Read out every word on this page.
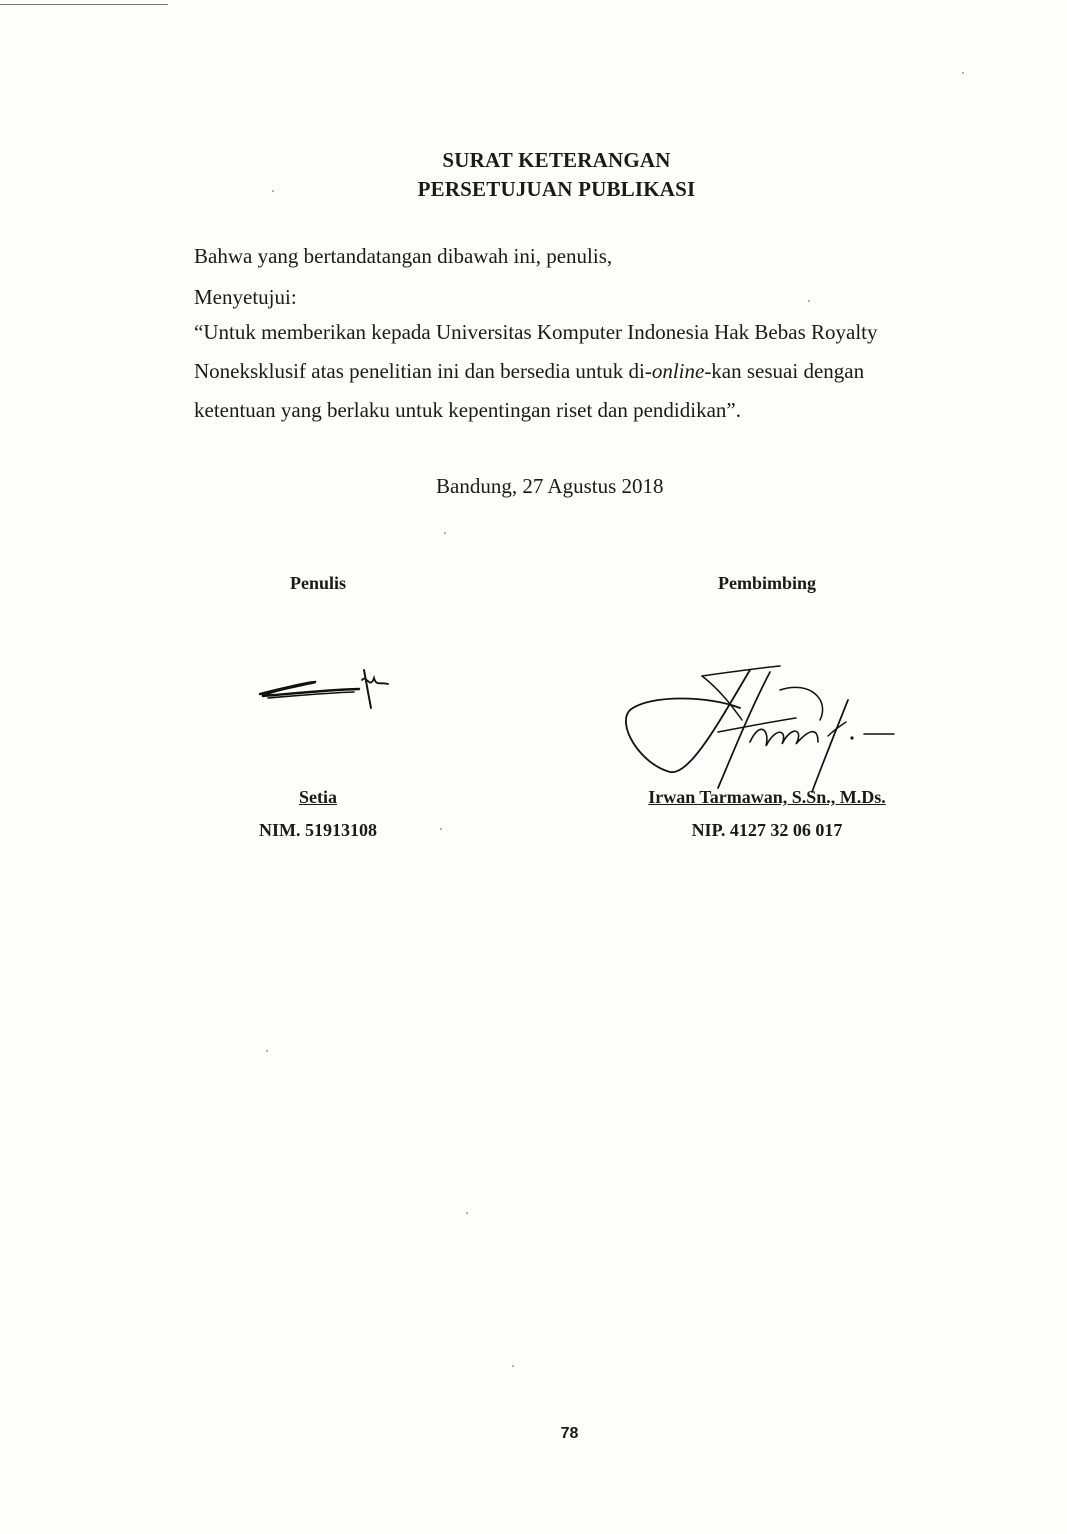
SURAT KETERANGAN
PERSETUJUAN PUBLIKASI
Bahwa yang bertandatangan dibawah ini, penulis,
Menyetujui:
“Untuk memberikan kepada Universitas Komputer Indonesia Hak Bebas Royalty
Noneksklusif atas penelitian ini dan bersedia untuk di-online-kan sesuai dengan
ketentuan yang berlaku untuk kepentingan riset dan pendidikan”.
Bandung, 27 Agustus 2018
Penulis
Setia
NIM. 51913108
Pembimbing
Irwan Tarmawan, S.Sn., M.Ds.
NIP. 4127 32 06 017
78
